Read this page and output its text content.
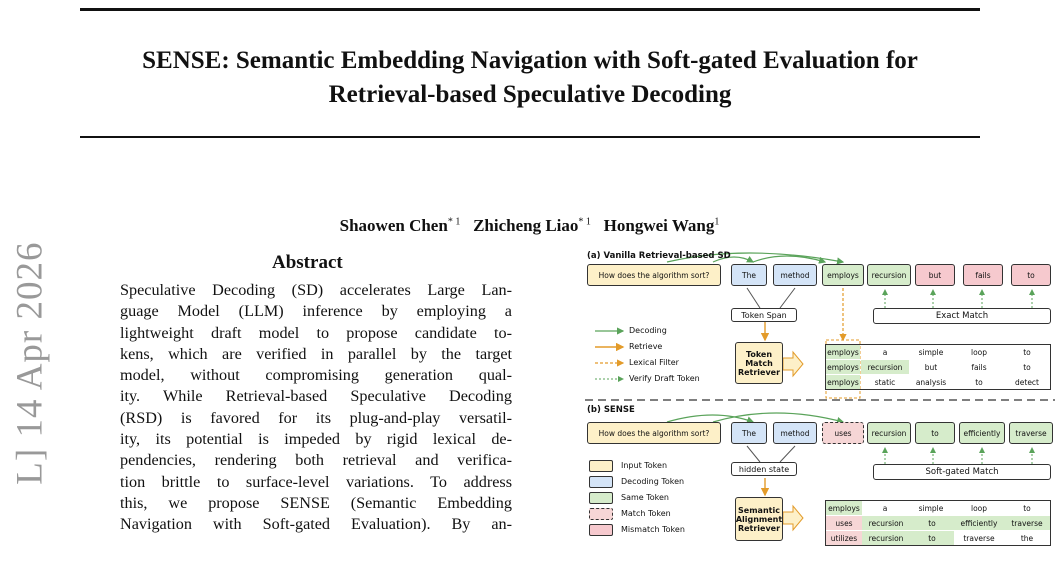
SENSE: Semantic Embedding Navigation with Soft-gated Evaluation for
Retrieval-based Speculative Decoding
Shaowen Chen$^{* 1}$ Zhicheng Liao$^{* 1}$ Hongwei Wang$^1$
L] 14 Apr 2026	Abstract
Speculative Decoding (SD) accelerates Large Lan-
guage Model (LLM) inference by employing a
lightweight draft model to propose candidate to-
kens, which are verified in parallel by the target
model, without compromising generation qual-
ity. While Retrieval-based Speculative Decoding
(RSD) is favored for its plug-and-play versatil-
ity, its potential is impeded by rigid lexical de-
pendencies, rendering both retrieval and verifica-
tion brittle to surface-level variations. To address
this, we propose SENSE (Semantic Embedding
Navigation with Soft-gated Evaluation). By an-
(a) Vanilla Retrieval-based SD
How does the algorithm sort?	The	method	employs	recursion	but	fails	to
Token Span	Exact Match
Token Match Retriever
Decoding
Retrieve
Lexical Filter
Verify Draft Token
employs	a	simple	loop	to
employs	recursion	but	fails	to
employs	static	analysis	to	detect
(b) SENSE
How does the algorithm sort?	The	method	uses	recursion	to	efficiently	traverse
hidden state	Soft-gated Match
Semantic Alignment Retriever
Input Token
Decoding Token
Same Token
Match Token
Mismatch Token
employs	a	simple	loop	to
uses	recursion	to	efficiently	traverse
utilizes	recursion	to	traverse	the
